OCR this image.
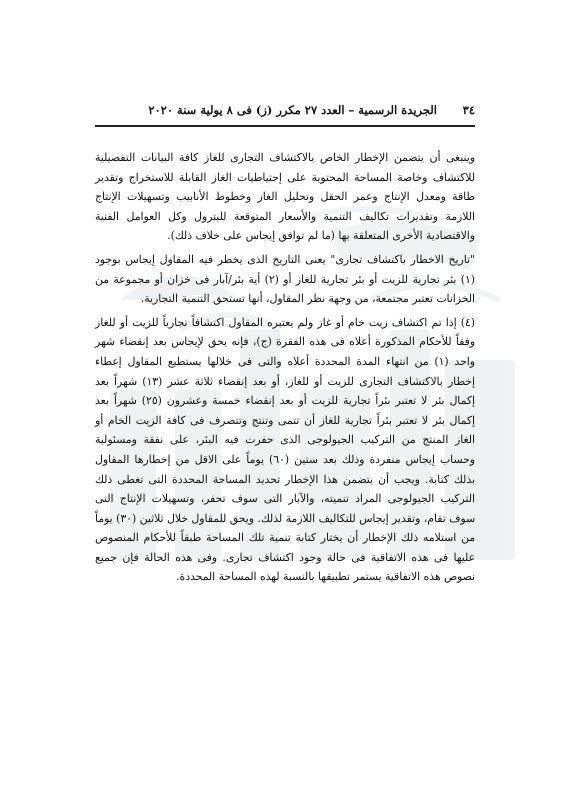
٣٤
الجريدة الرسمية – العدد ٢٧ مكرر (ز) فى ٨ يولية سنة ٢٠٢٠

وينبغى أن يتضمن الإخطار الخاص بالاكتشاف التجارى للغاز كافة البيانات التفصيلية للاكتشاف وخاصة المساحة المحتوية على إحتياطيات الغاز القابلة للاستخراج وتقدير طاقة ومعدل الإنتاج وعمر الحقل وتحليل الغاز وخطوط الأنابيب وتسهيلات الإنتاج اللازمة وتقديرات تكاليف التنمية والأسعار المتوقعة للبترول وكل العوامل الفنية والاقتصادية الأخرى المتعلقة بها (ما لم توافق إيجاس على خلاف ذلك).

"تاريخ الاخطار باكتشاف تجارى" يعنى التاريخ الذى يخطر فيه المقاول إيجاس بوجود (١) بئر تجارية للزيت أو بئر تجارية للغاز أو (٢) أية بئر/آبار فى خزان أو مجموعة من الخزانات تعتبر مجتمعة، من وجهة نظر المقاول، أنها تستحق التنمية التجارية.

(٤) إذا تم اكتشاف زيت خام أو غاز ولم يعتبره المقاول اكتشافاً تجارياً للزيت أو للغاز وفقاً للأحكام المذكورة أعلاه فى هذه الفقرة (ج)، فإنه يحق لإيجاس بعد إنقضاء شهر واحد (١) من انتهاء المدة المحددة أعلاه والتى فى خلالها يستطيع المقاول إعطاء إخطار بالاكتشاف التجارى للزيت أو للغاز، أو بعد إنقضاء ثلاثة عشر (١٣) شهراً بعد إكمال بئر لا تعتبر بئراً تجارية للزيت أو بعد إنقضاء خمسة وعشرون (٢٥) شهراً بعد إكمال بئر لا تعتبر بئراً تجارية للغاز أن تتمى وتنتج وتتصرف فى كافة الزيت الخام أو الغاز المنتج من التركيب الجيولوجى الذى حفرت فيه البئر، على نفقة ومسئولية وحساب إيجاس منفردة وذلك بعد ستين (٦٠) يوماً على الاقل من إخطارها المقاول بذلك كتابة. ويجب أن يتضمن هذا الإخطار تحديد المساحة المحددة التى تغطى ذلك التركيب الجيولوجى المراد تنميته، والآبار التى سوف تحفر، وتسهيلات الإنتاج التى سوف تقام، وتقدير إيجاس للتكاليف اللازمة لذلك. ويحق للمقاول خلال ثلاثين (٣٠) يوماً من استلامه ذلك الإخطار أن يختار كتابة تنمية تلك المساحة طبقاً للأحكام المنصوص عليها فى هذه الاتفاقية فى حالة وجود اكتشاف تجارى. وفى هذه الحالة فإن جميع نصوص هذه الاتفاقية يستمر تطبيقها بالنسبة لهذه المساحة المحددة.
